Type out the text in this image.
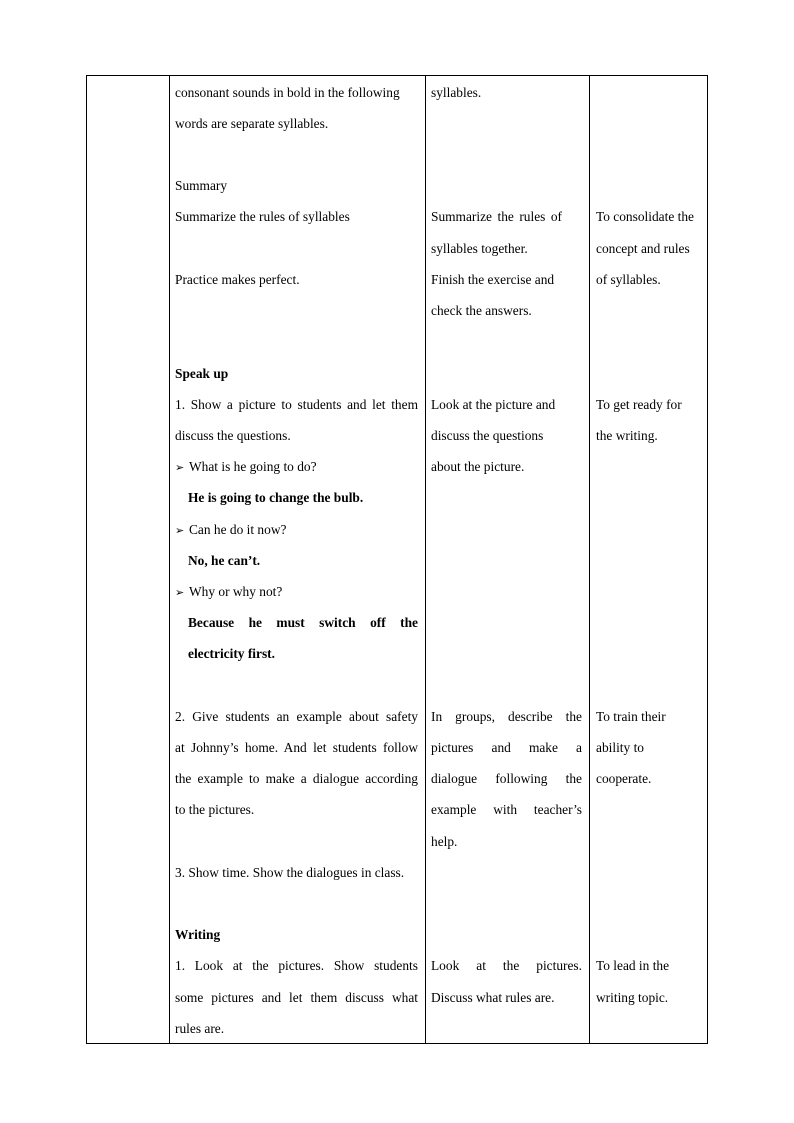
consonant sounds in bold in the following
words are separate syllables.
Summary
Summarize the rules of syllables
Practice makes perfect.
Speak up
1. Show a picture to students and let them
discuss the questions.
➢ What is he going to do?
He is going to change the bulb.
➢ Can he do it now?
No, he can’t.
➢ Why or why not?
Because he must switch off the
electricity first.
2. Give students an example about safety
at Johnny’s home. And let students follow
the example to make a dialogue according
to the pictures.
3. Show time. Show the dialogues in class.
Writing
1. Look at the pictures. Show students
some pictures and let them discuss what
rules are.
syllables.
Summarize the rules of
syllables together.
Finish the exercise and
check the answers.
Look at the picture and
discuss the questions
about the picture.
In groups, describe the
pictures and make a
dialogue following the
example with teacher’s
help.
Look at the pictures.
Discuss what rules are.
To consolidate the
concept and rules
of syllables.
To get ready for
the writing.
To train their
ability to
cooperate.
To lead in the
writing topic.
